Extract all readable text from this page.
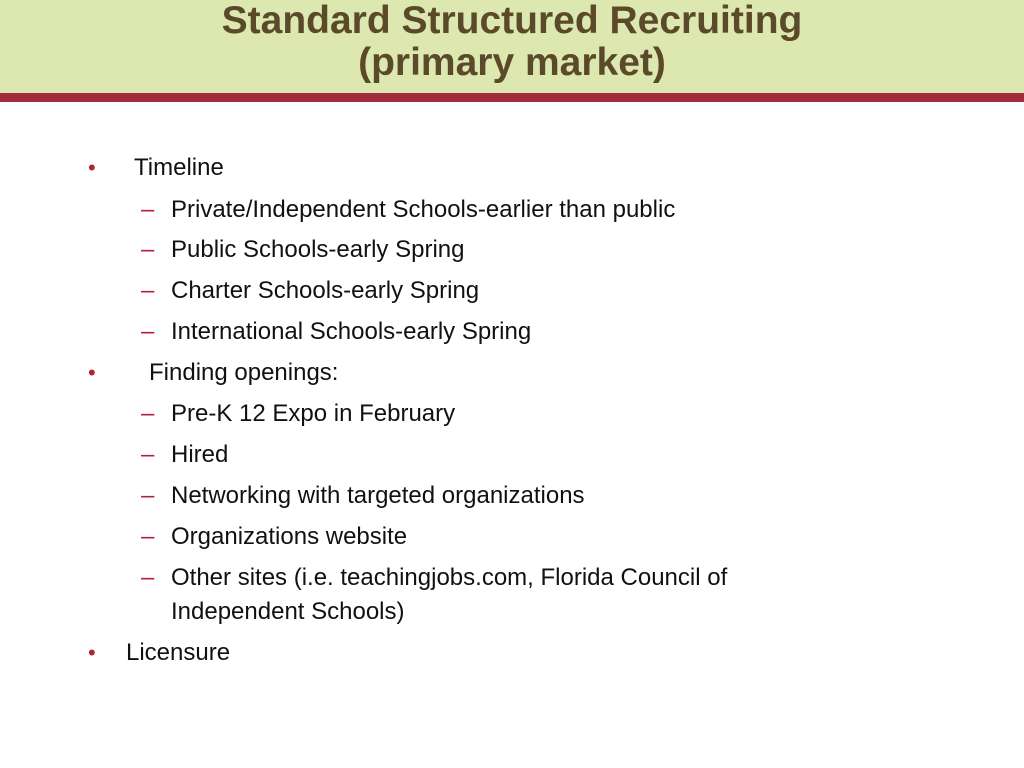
Standard Structured Recruiting
(primary market)
• Timeline
– Private/Independent Schools-earlier than public
– Public Schools-early Spring
– Charter Schools-early Spring
– International Schools-early Spring
• Finding openings:
– Pre-K 12 Expo in February
– Hired
– Networking with targeted organizations
– Organizations website
– Other sites (i.e. teachingjobs.com, Florida Council of
Independent Schools)
• Licensure
